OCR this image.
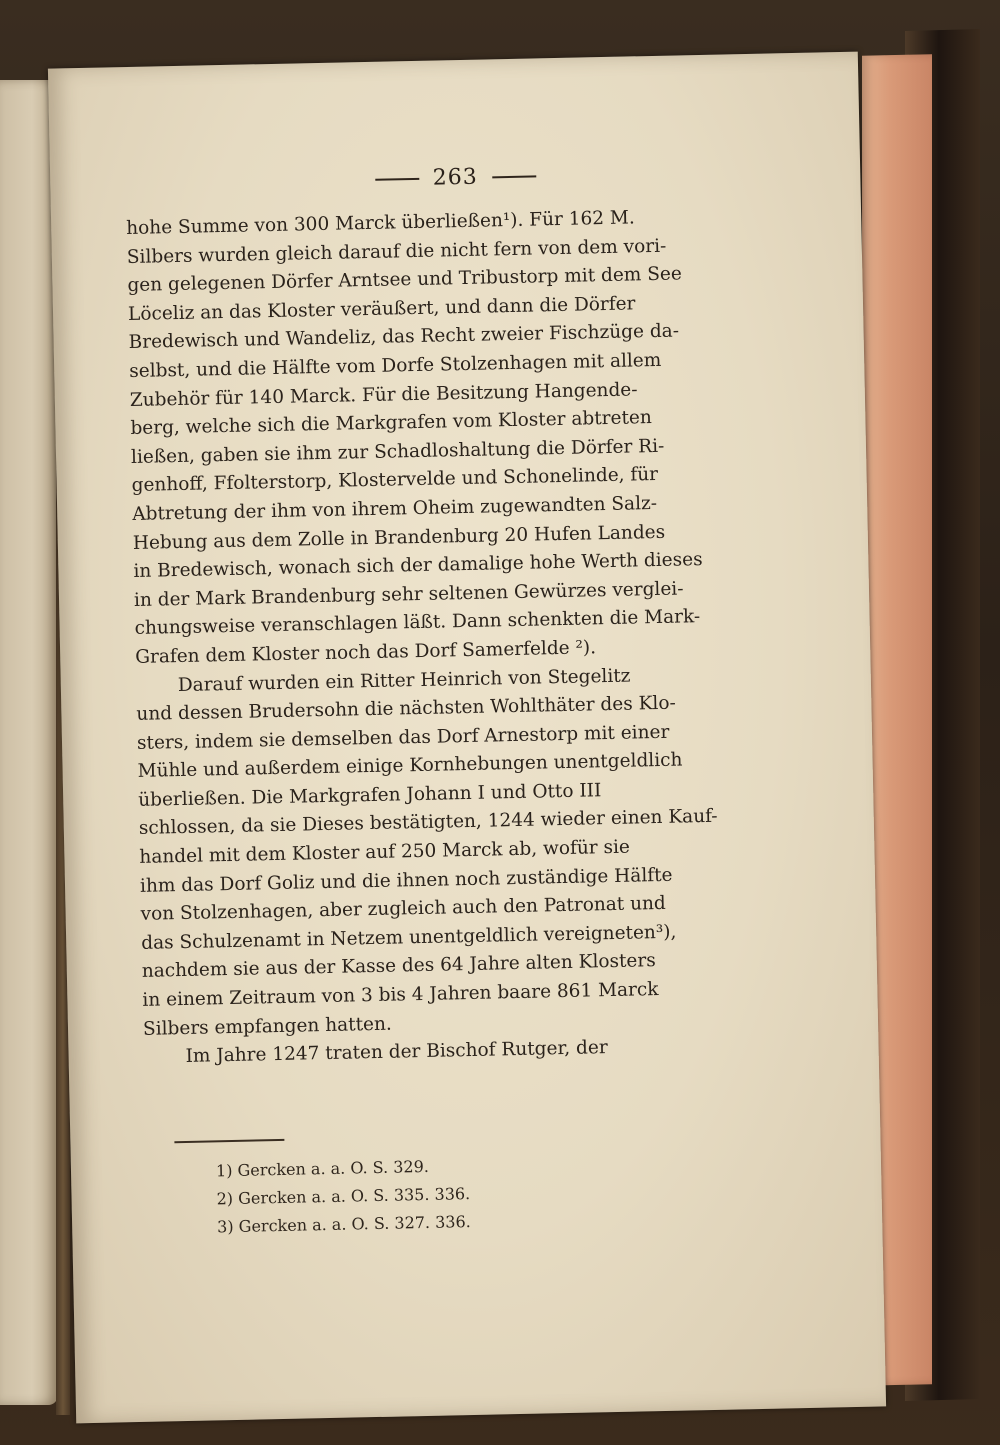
263
hohe Summe von 300 Marck überließen¹). Für 162 M.
Silbers wurden gleich darauf die nicht fern von dem vori-
gen gelegenen Dörfer Arntsee und Tribustorp mit dem See
Löceliz an das Kloster veräußert, und dann die Dörfer
Bredewisch und Wandeliz, das Recht zweier Fischzüge da-
selbst, und die Hälfte vom Dorfe Stolzenhagen mit allem
Zubehör für 140 Marck. Für die Besitzung Hangende-
berg, welche sich die Markgrafen vom Kloster abtreten
ließen, gaben sie ihm zur Schadloshaltung die Dörfer Ri-
genhoff, Ffolterstorp, Klostervelde und Schonelinde, für
Abtretung der ihm von ihrem Oheim zugewandten Salz-
Hebung aus dem Zolle in Brandenburg 20 Hufen Landes
in Bredewisch, wonach sich der damalige hohe Werth dieses
in der Mark Brandenburg sehr seltenen Gewürzes verglei-
chungsweise veranschlagen läßt. Dann schenkten die Mark-
Grafen dem Kloster noch das Dorf Samerfelde ²).
Darauf wurden ein Ritter Heinrich von Stegelitz
und dessen Brudersohn die nächsten Wohlthäter des Klo-
sters, indem sie demselben das Dorf Arnestorp mit einer
Mühle und außerdem einige Kornhebungen unentgeldlich
überließen. Die Markgrafen Johann I und Otto III
schlossen, da sie Dieses bestätigten, 1244 wieder einen Kauf-
handel mit dem Kloster auf 250 Marck ab, wofür sie
ihm das Dorf Goliz und die ihnen noch zuständige Hälfte
von Stolzenhagen, aber zugleich auch den Patronat und
das Schulzenamt in Netzem unentgeldlich vereigneten³),
nachdem sie aus der Kasse des 64 Jahre alten Klosters
in einem Zeitraum von 3 bis 4 Jahren baare 861 Marck
Silbers empfangen hatten.
Im Jahre 1247 traten der Bischof Rutger, der
1) Gercken a. a. O. S. 329.
2) Gercken a. a. O. S. 335. 336.
3) Gercken a. a. O. S. 327. 336.
